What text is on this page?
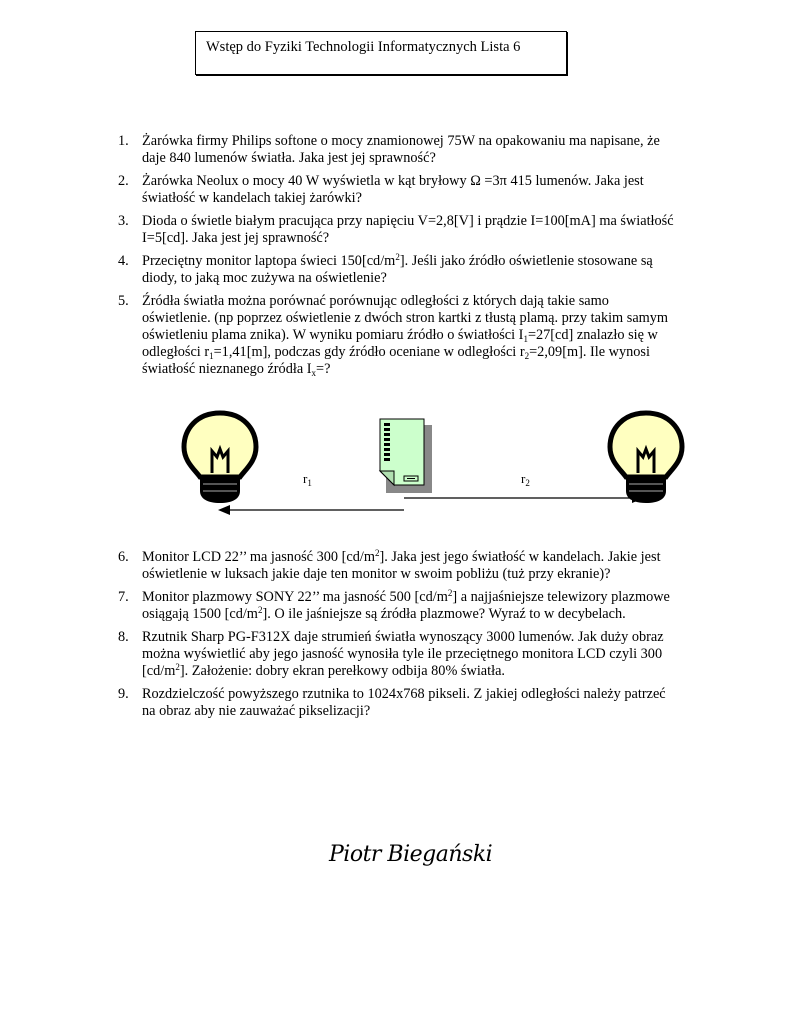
Wstęp do Fyziki Technologii Informatycznych Lista 6
1. Żarówka firmy Philips softone o mocy znamionowej 75W na opakowaniu ma napisane, że daje 840 lumenów światła. Jaka jest jej sprawność?
2. Żarówka Neolux o mocy 40 W wyświetla w kąt bryłowy Ω =3π 415 lumenów. Jaka jest światłość w kandelach takiej żarówki?
3. Dioda o świetle białym pracująca przy napięciu V=2,8[V] i prądzie I=100[mA] ma światłość I=5[cd]. Jaka jest jej sprawność?
4. Przeciętny monitor laptopa świeci $150[cd/m^2]$. Jeśli jako źródło oświetlenie stosowane są diody, to jaką moc zużywa na oświetlenie?
5. Źródła światła można porównać porównując odległości z których dają takie samo oświetlenie. (np poprzez oświetlenie z dwóch stron kartki z tłustą plamą. przy takim samym oświetleniu plama znika). W wyniku pomiaru źródło o światłości $I_1=27[cd]$ znalazło się w odległości $r_1=1,41[m]$, podczas gdy źródło oceniane w odległości $r_2=2,09[m]$. Ile wynosi światłość nieznanego źródła $I_x=$?
$r_1$	$r_2$
6. Monitor LCD 22’’ ma jasność 300 $[cd/m^2]$. Jaka jest jego światłość w kandelach. Jakie jest oświetlenie w luksach jakie daje ten monitor w swoim pobliżu (tuż przy ekranie)?
7. Monitor plazmowy SONY 22’’ ma jasność 500 $[cd/m^2]$ a najjaśniejsze telewizory plazmowe osiągają 1500 $[cd/m^2]$. O ile jaśniejsze są źródła plazmowe? Wyraź to w decybelach.
8. Rzutnik Sharp PG-F312X daje strumień światła wynoszący 3000 lumenów. Jak duży obraz można wyświetlić aby jego jasność wynosiła tyle ile przeciętnego monitora LCD czyli 300 $[cd/m^2]$. Założenie: dobry ekran perełkowy odbija 80% światła.
9. Rozdzielczość powyższego rzutnika to 1024x768 pikseli. Z jakiej odległości należy patrzeć na obraz aby nie zauważać pikselizacji?
Piotr Biegański
